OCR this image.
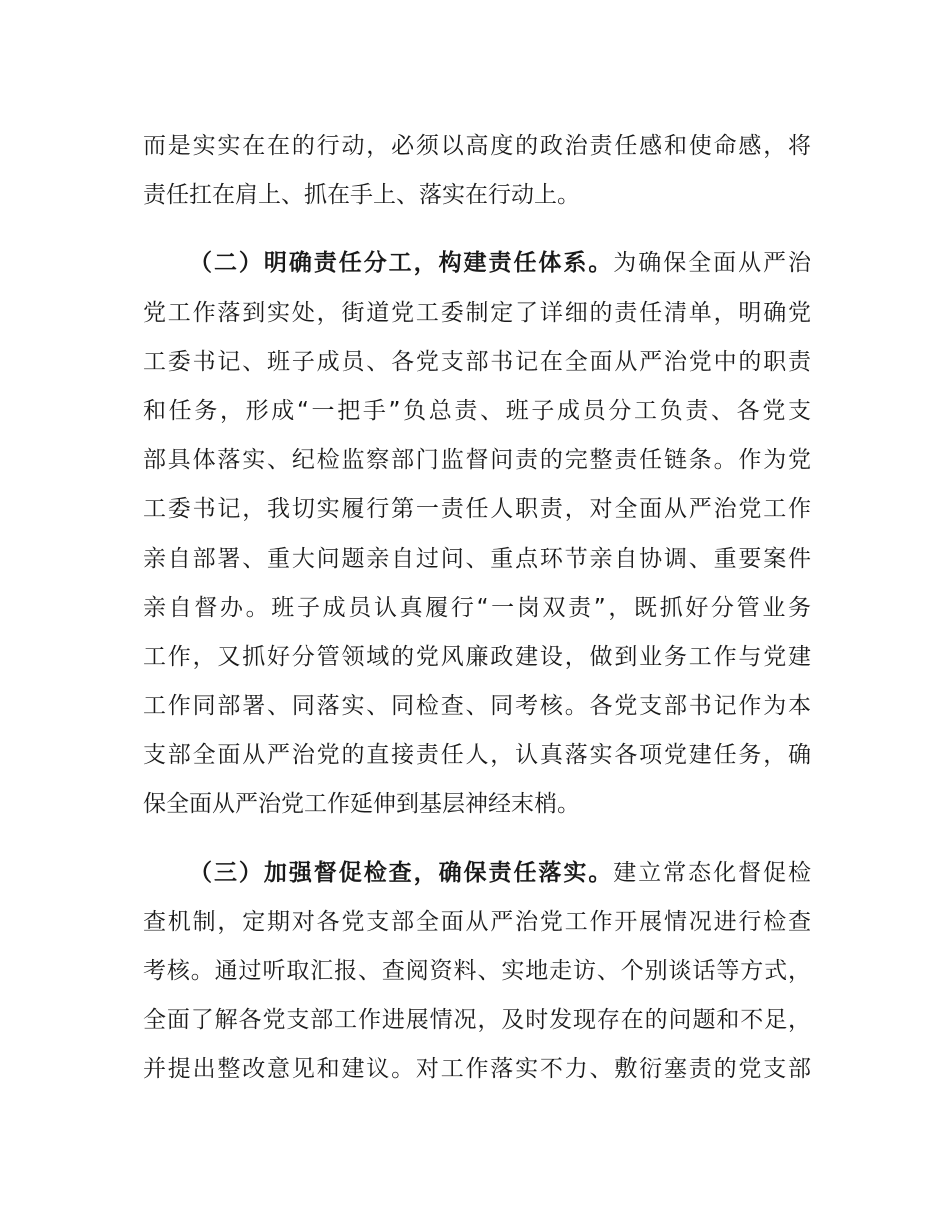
而是实实在在的行动，必须以高度的政治责任感和使命感，将
责任扛在肩上、抓在手上、落实在行动上。
（二）明确责任分工，构建责任体系。为确保全面从严治
党工作落到实处，街道党工委制定了详细的责任清单，明确党
工委书记、班子成员、各党支部书记在全面从严治党中的职责
和任务，形成“一把手”负总责、班子成员分工负责、各党支
部具体落实、纪检监察部门监督问责的完整责任链条。作为党
工委书记，我切实履行第一责任人职责，对全面从严治党工作
亲自部署、重大问题亲自过问、重点环节亲自协调、重要案件
亲自督办。班子成员认真履行“一岗双责”，既抓好分管业务
工作，又抓好分管领域的党风廉政建设，做到业务工作与党建
工作同部署、同落实、同检查、同考核。各党支部书记作为本
支部全面从严治党的直接责任人，认真落实各项党建任务，确
保全面从严治党工作延伸到基层神经末梢。
（三）加强督促检查，确保责任落实。建立常态化督促检
查机制，定期对各党支部全面从严治党工作开展情况进行检查
考核。通过听取汇报、查阅资料、实地走访、个别谈话等方式，
全面了解各党支部工作进展情况，及时发现存在的问题和不足，
并提出整改意见和建议。对工作落实不力、敷衍塞责的党支部
